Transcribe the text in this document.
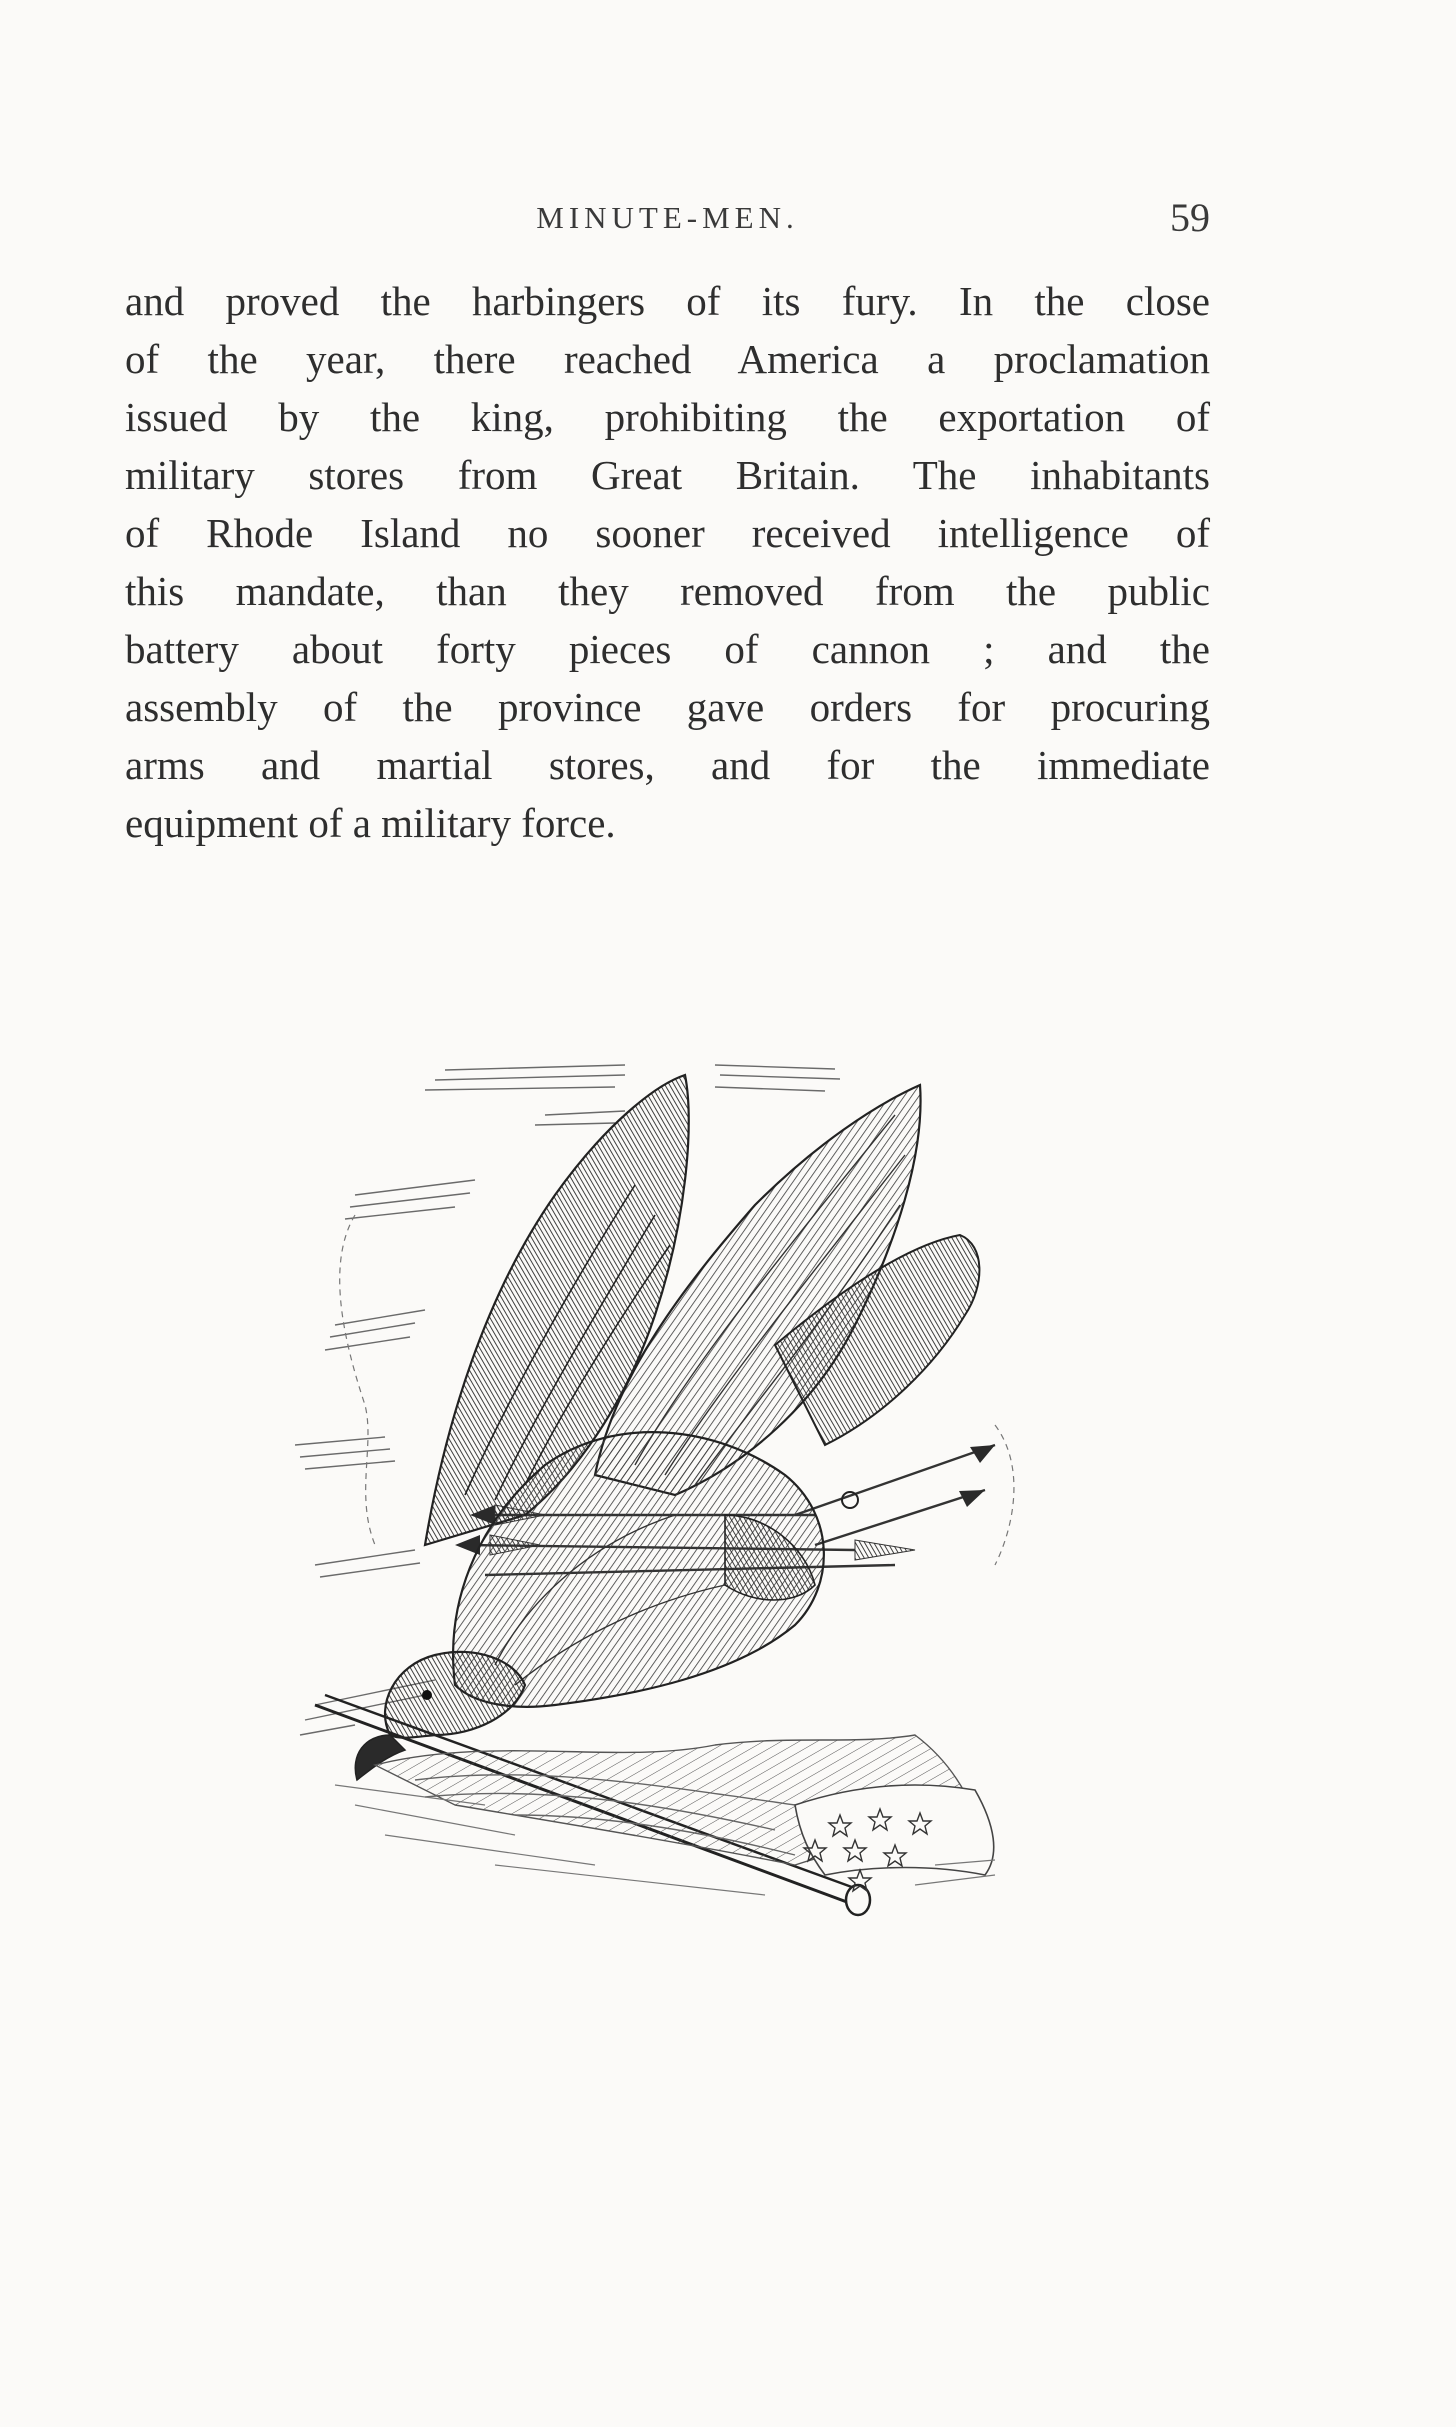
MINUTE-MEN.	59
and proved the harbingers of its fury. In the close
of the year, there reached America a proclamation
issued by the king, prohibiting the exportation of
military stores from Great Britain. The inhabitants
of Rhode Island no sooner received intelligence of
this mandate, than they removed from the public
battery about forty pieces of cannon ; and the
assembly of the province gave orders for procuring
arms and martial stores, and for the immediate
equipment of a military force.
